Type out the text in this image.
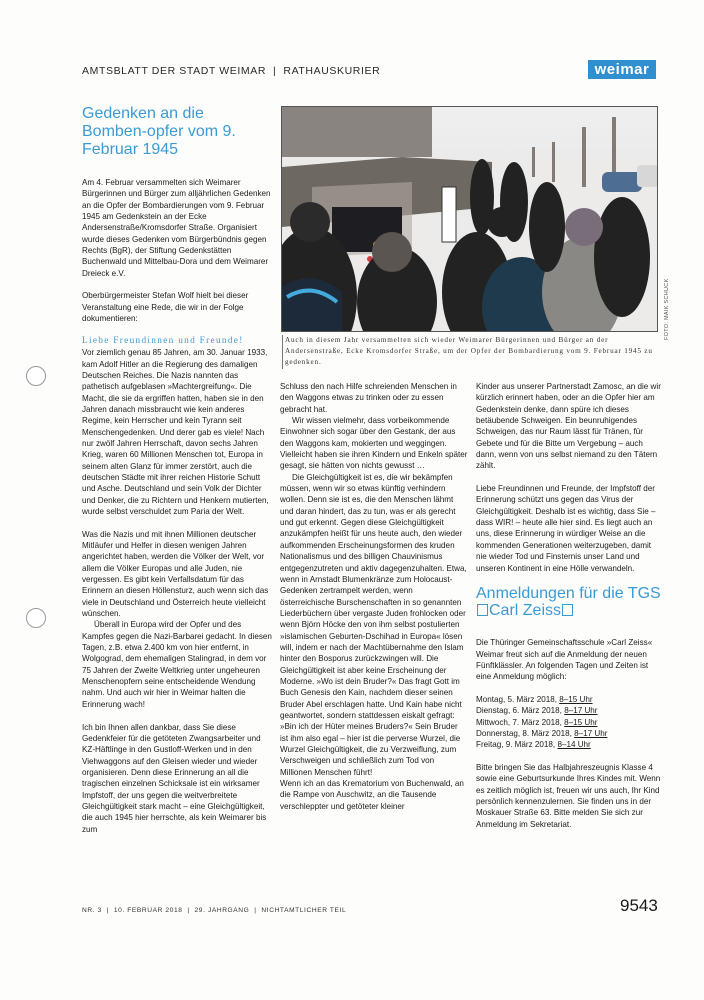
AMTSBLATT DER STADT WEIMAR  |  RATHAUSKURIER	weimar
Gedenken an die Bomben-opfer vom 9. Februar 1945

Am 4. Februar versammelten sich Weimarer Bürgerinnen und Bürger zum alljährlichen Gedenken an die Opfer der Bombardierungen vom 9. Februar 1945 am Gedenkstein an der Ecke Andersenstraße/Kromsdorfer Straße. Organisiert wurde dieses Gedenken vom Bürgerbündnis gegen Rechts (BgR), der Stiftung Gedenkstätten Buchenwald und Mittelbau-Dora und dem Weimarer Dreieck e.V.

Oberbürgermeister Stefan Wolf hielt bei dieser Veranstaltung eine Rede, die wir in der Folge dokumentieren:

Liebe Freundinnen und Freunde!

Vor ziemlich genau 85 Jahren, am 30. Januar 1933, kam Adolf Hitler an die Regierung des damaligen Deutschen Reiches. Die Nazis nannten das pathetisch aufgeblasen »Machtergreifung«. Die Macht, die sie da ergriffen hatten, haben sie in den Jahren danach missbraucht wie kein anderes Regime, kein Herrscher und kein Tyrann seit Menschengedenken. Und derer gab es viele! Nach nur zwölf Jahren Herrschaft, davon sechs Jahren Krieg, waren 60 Millionen Menschen tot, Europa in seinem alten Glanz für immer zerstört, auch die deutschen Städte mit ihrer reichen Historie Schutt und Asche. Deutschland und sein Volk der Dichter und Denker, die zu Richtern und Henkern mutierten, wurde selbst verschuldet zum Paria der Welt.

Was die Nazis und mit ihnen Millionen deutscher Mitläufer und Helfer in diesen wenigen Jahren angerichtet haben, werden die Völker der Welt, vor allem die Völker Europas und alle Juden, nie vergessen. Es gibt kein Verfallsdatum für das Erinnern an diesen Höllensturz, auch wenn sich das viele in Deutschland und Österreich heute vielleicht wünschen.

Überall in Europa wird der Opfer und des Kampfes gegen die Nazi-Barbarei gedacht. In diesen Tagen, z.B. etwa 2.400 km von hier entfernt, in Wolgograd, dem ehemaligen Stalingrad, in dem vor 75 Jahren der Zweite Weltkrieg unter ungeheuren Menschenopfern seine entscheidende Wendung nahm. Und auch wir hier in Weimar halten die Erinnerung wach!

Ich bin Ihnen allen dankbar, dass Sie diese Gedenkfeier für die getöteten Zwangsarbeiter und KZ-Häftlinge in den Gustloff-Werken und in den Viehwaggons auf den Gleisen wieder und wieder organisieren. Denn diese Erinnerung an all die tragischen einzelnen Schicksale ist ein wirksamer Impfstoff, der uns gegen die weitverbreitete Gleichgültigkeit stark macht – eine Gleichgültigkeit, die auch 1945 hier herrschte, als kein Weimarer bis zum

FOTO: MAIK SCHUCK
Auch in diesem Jahr versammelten sich wieder Weimarer Bürgerinnen und Bürger an der Andersenstraße, Ecke Kromsdorfer Straße, um der Opfer der Bombardierung vom 9. Februar 1945 zu gedenken.

Schluss den nach Hilfe schreienden Menschen in den Waggons etwas zu trinken oder zu essen gebracht hat.

Wir wissen vielmehr, dass vorbeikommende Einwohner sich sogar über den Gestank, der aus den Waggons kam, mokierten und weggingen. Vielleicht haben sie ihren Kindern und Enkeln später gesagt, sie hätten von nichts gewusst …

Die Gleichgültigkeit ist es, die wir bekämpfen müssen, wenn wir so etwas künftig verhindern wollen. Denn sie ist es, die den Menschen lähmt und daran hindert, das zu tun, was er als gerecht und gut erkennt. Gegen diese Gleichgültigkeit anzukämpfen heißt für uns heute auch, den wieder aufkommenden Erscheinungsformen des kruden Nationalismus und des billigen Chauvinismus entgegenzutreten und aktiv dagegenzuhalten. Etwa, wenn in Arnstadt Blumenkränze zum Holocaust-Gedenken zertrampelt werden, wenn österreichische Burschenschaften in so genannten Liederbüchern über vergaste Juden frohlocken oder wenn Björn Höcke den von ihm selbst postulierten »islamischen Geburten-Dschihad in Europa« lösen will, indem er nach der Machtübernahme den Islam hinter den Bosporus zurückzwingen will. Die Gleichgültigkeit ist aber keine Erscheinung der Moderne. »Wo ist dein Bruder?« Das fragt Gott im Buch Genesis den Kain, nachdem dieser seinen Bruder Abel erschlagen hatte. Und Kain habe nicht geantwortet, sondern stattdessen eiskalt gefragt: »Bin ich der Hüter meines Bruders?« Sein Bruder ist ihm also egal – hier ist die perverse Wurzel, die Wurzel Gleichgültigkeit, die zu Verzweiflung, zum Verschweigen und schließlich zum Tod von Millionen Menschen führt!

Wenn ich an das Krematorium von Buchenwald, an die Rampe von Auschwitz, an die Tausende verschleppter und getöteter kleiner

Kinder aus unserer Partnerstadt Zamosc, an die wir kürzlich erinnert haben, oder an die Opfer hier am Gedenkstein denke, dann spüre ich dieses betäubende Schweigen. Ein beunruhigendes Schweigen, das nur Raum lässt für Tränen, für Gebete und für die Bitte um Vergebung – auch dann, wenn von uns selbst niemand zu den Tätern zählt.

Liebe Freundinnen und Freunde, der Impfstoff der Erinnerung schützt uns gegen das Virus der Gleichgültigkeit. Deshalb ist es wichtig, dass Sie – dass WIR! – heute alle hier sind. Es liegt auch an uns, diese Erinnerung in würdiger Weise an die kommenden Generationen weiterzugeben, damit nie wieder Tod und Finsternis unser Land und unseren Kontinent in eine Hölle verwandeln.

Anmeldungen für die TGS
Carl Zeiss

Die Thüringer Gemeinschaftsschule »Carl Zeiss« Weimar freut sich auf die Anmeldung der neuen Fünftklässler. An folgenden Tagen und Zeiten ist eine Anmeldung möglich:

Montag, 5. März 2018, 8–15 Uhr
Dienstag, 6. März 2018, 8–17 Uhr
Mittwoch, 7. März 2018, 8–15 Uhr
Donnerstag, 8. März 2018, 8–17 Uhr
Freitag, 9. März 2018, 8–14 Uhr

Bitte bringen Sie das Halbjahreszeugnis Klasse 4 sowie eine Geburtsurkunde Ihres Kindes mit. Wenn es zeitlich möglich ist, freuen wir uns auch, Ihr Kind persönlich kennenzulernen. Sie finden uns in der Moskauer Straße 63. Bitte melden Sie sich zur Anmeldung im Sekretariat.

NR. 3  |  10. FEBRUAR 2018  |  29. JAHRGANG  |  NICHTAMTLICHER TEIL	9543
